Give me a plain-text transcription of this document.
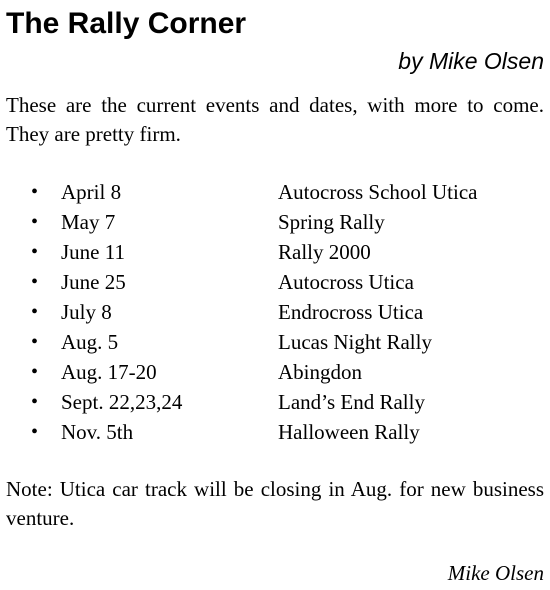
The Rally Corner
by Mike Olsen

These are the current events and dates, with more to come. They are pretty firm.

• April 8	Autocross School Utica
• May 7	Spring Rally
• June 11	Rally 2000
• June 25	Autocross Utica
• July 8	Endrocross Utica
• Aug. 5	Lucas Night Rally
• Aug. 17-20	Abingdon
• Sept. 22,23,24	Land’s End Rally
• Nov. 5th	Halloween Rally

Note: Utica car track will be closing in Aug. for new business venture.

Mike Olsen
